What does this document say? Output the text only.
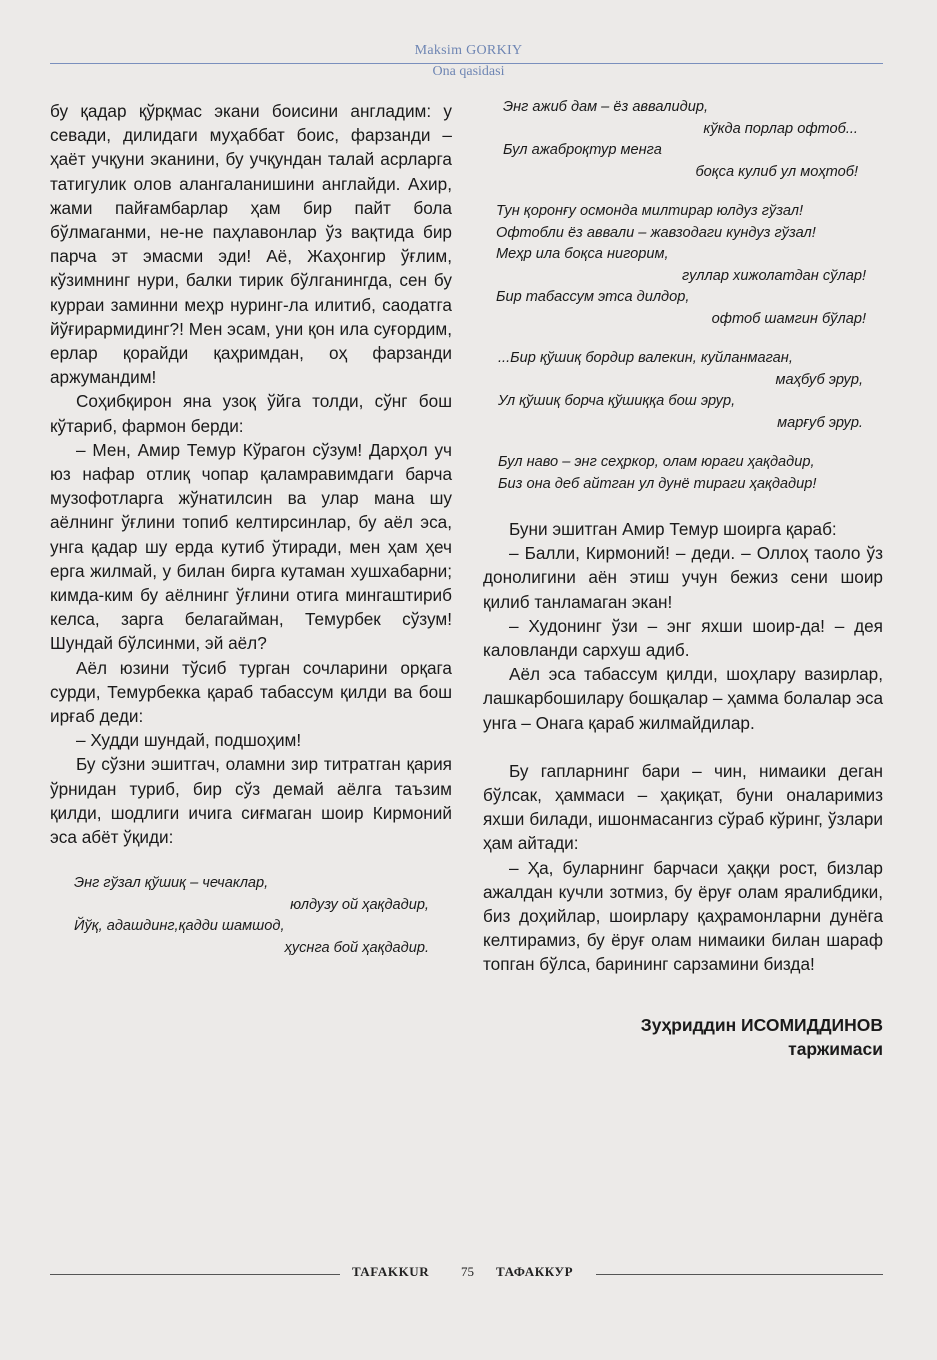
Maksim GORKIY
Ona qasidasi

бу қадар қўрқмас экани боисини англадим: у севади, дилидаги муҳаббат боис, фарзанди – ҳаёт учқуни эканини, бу учқундан талай асрларга татигулик олов алангаланишини англайди. Ахир, жами пайғамбарлар ҳам бир пайт бола бўлмаганми, не-не паҳлавонлар ўз вақтида бир парча эт эмасми эди! Аё, Жаҳонгир ўғлим, кўзимнинг нури, балки тирик бўлганингда, сен бу курраи заминни меҳр нуринг-ла илитиб, саодатга йўғирармидинг?! Мен эсам, уни қон ила суғордим, ерлар қорайди қаҳримдан, оҳ фарзанди аржумандим!

Соҳибқирон яна узоқ ўйга толди, сўнг бош кўтариб, фармон берди:

– Мен, Амир Темур Кўрагон сўзум! Дарҳол уч юз нафар отлиқ чопар қаламравимдаги барча музофотларга жўнатилсин ва улар мана шу аёлнинг ўғлини топиб келтирсинлар, бу аёл эса, унга қадар шу ерда кутиб ўтиради, мен ҳам ҳеч ерга жилмай, у билан бирга кутаман хушхабарни; кимда-ким бу аёлнинг ўғлини отига мингаштириб келса, зарга белагайман, Темурбек сўзум! Шундай бўлсинми, эй аёл?

Аёл юзини тўсиб турган сочларини орқага сурди, Темурбекка қараб табассум қилди ва бош ирғаб деди:

– Худди шундай, подшоҳим!

Бу сўзни эшитгач, оламни зир титратган қария ўрнидан туриб, бир сўз демай аёлга таъзим қилди, шодлиги ичига сиғмаган шоир Кирмоний эса абёт ўқиди:

Энг гўзал қўшиқ – чечаклар,
юлдузу ой ҳақдадир,
Йўқ, адашдинг,қадди шамшод,
ҳуснга бой ҳақдадир.
Энг ажиб дам – ёз аввалидир,
кўкда порлар офтоб...
Бул ажаброқтур менга
боқса кулиб ул моҳтоб!
Тун қоронғу осмонда милтирар юлдуз гўзал!
Офтобли ёз аввали – жавзодаги кундуз гўзал!
Меҳр ила боқса нигорим,
гуллар хижолатдан сўлар!
Бир табассум этса дилдор,
офтоб шамгин бўлар!
...Бир қўшиқ бордир валекин, куйланмаган,
маҳбуб эрур,
Ул қўшиқ борча қўшиққа бош эрур,
марғуб эрур.
Бул наво – энг сеҳркор, олам юраги ҳақдадир,
Биз она деб айтган ул дунё тираги ҳақдадир!

Буни эшитган Амир Темур шоирга қараб:

– Балли, Кирмоний! – деди. – Оллоҳ таоло ўз донолигини аён этиш учун бежиз сени шоир қилиб танламаган экан!

– Худонинг ўзи – энг яхши шоир-да! – дея каловланди сархуш адиб.

Аёл эса табассум қилди, шоҳлару вазирлар, лашкарбошилару бошқалар – ҳамма болалар эса унга – Онага қараб жилмайдилар.

Бу гапларнинг бари – чин, нимаики деган бўлсак, ҳаммаси – ҳақиқат, буни оналаримиз яхши билади, ишонмасангиз сўраб кўринг, ўзлари ҳам айтади:

– Ҳа, буларнинг барчаси ҳаққи рост, бизлар ажалдан кучли зотмиз, бу ёруғ олам яралибдики, биз доҳийлар, шоирлару қаҳрамонларни дунёга келтирамиз, бу ёруғ олам нимаики билан шараф топган бўлса, барининг сарзамини бизда!

Зуҳриддин ИСОМИДДИНОВ
таржимаси
TAFAKKUR 75 ТАФАККУР
